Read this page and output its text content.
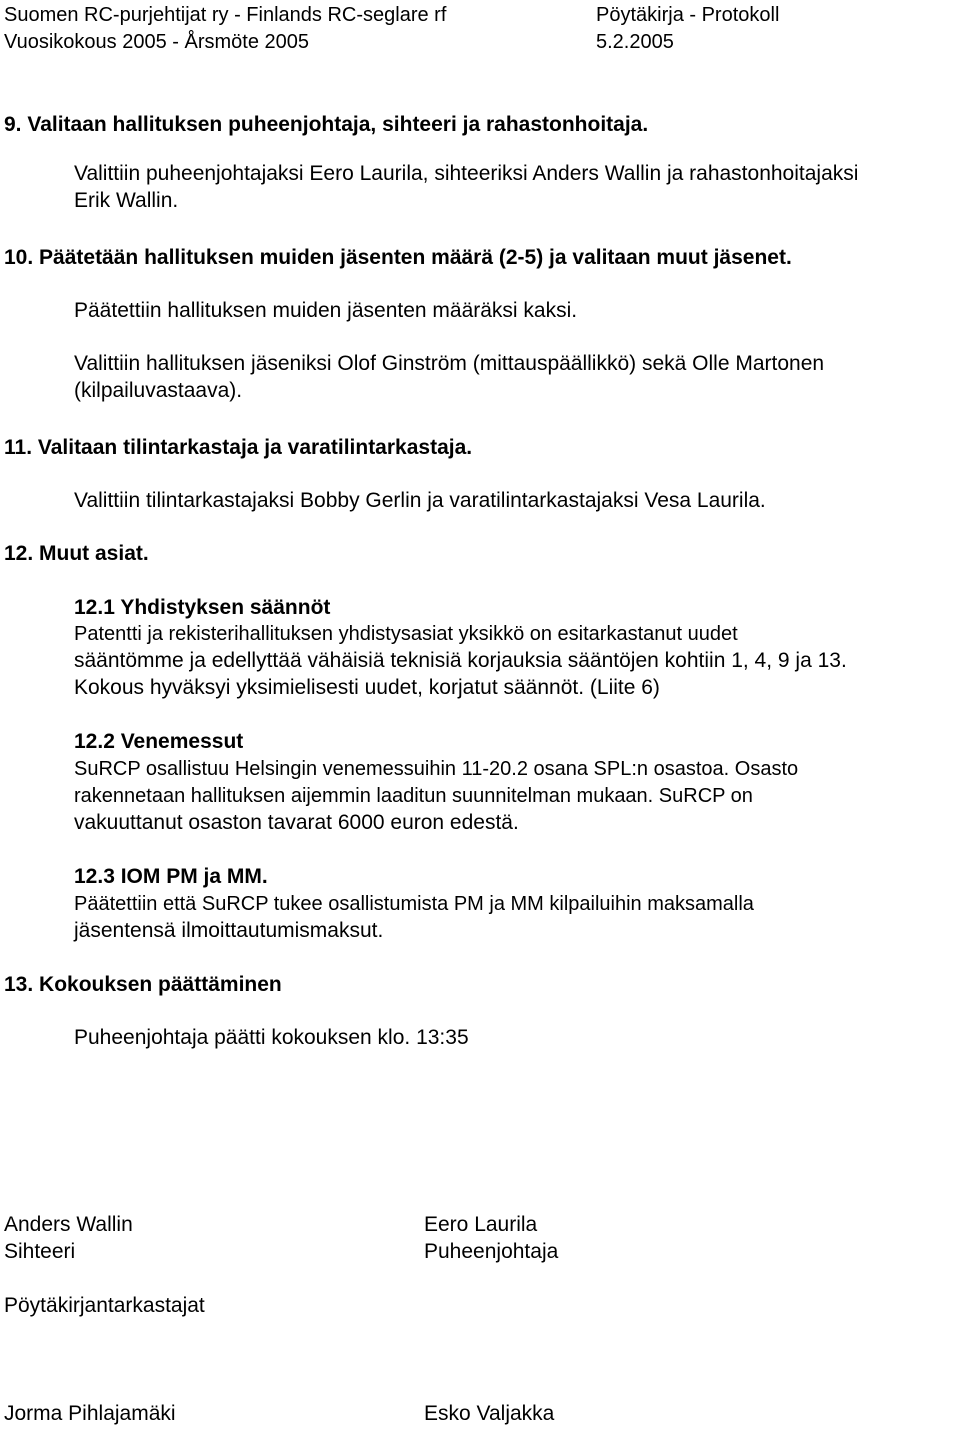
Suomen RC-purjehtijat ry - Finlands RC-seglare rf	Pöytäkirja - Protokoll
Vuosikokous 2005 - Årsmöte 2005	5.2.2005
9. Valitaan hallituksen puheenjohtaja, sihteeri ja rahastonhoitaja.
Valittiin puheenjohtajaksi Eero Laurila, sihteeriksi Anders Wallin ja rahastonhoitajaksi
Erik Wallin.
10. Päätetään hallituksen muiden jäsenten määrä (2-5) ja valitaan muut jäsenet.
Päätettiin hallituksen muiden jäsenten määräksi kaksi.
Valittiin hallituksen jäseniksi Olof Ginström (mittauspäällikkö) sekä Olle Martonen
(kilpailuvastaava).
11. Valitaan tilintarkastaja ja varatilintarkastaja.
Valittiin tilintarkastajaksi Bobby Gerlin ja varatilintarkastajaksi Vesa Laurila.
12. Muut asiat.
12.1 Yhdistyksen säännöt
Patentti ja rekisterihallituksen yhdistysasiat yksikkö on esitarkastanut uudet
sääntömme ja edellyttää vähäisiä teknisiä korjauksia sääntöjen kohtiin 1, 4, 9 ja 13.
Kokous hyväksyi yksimielisesti uudet, korjatut säännöt. (Liite 6)
12.2 Venemessut
SuRCP osallistuu Helsingin venemessuihin 11-20.2 osana SPL:n osastoa. Osasto
rakennetaan hallituksen aijemmin laaditun suunnitelman mukaan. SuRCP on
vakuuttanut osaston tavarat 6000 euron edestä.
12.3 IOM PM ja MM.
Päätettiin että SuRCP tukee osallistumista PM ja MM kilpailuihin maksamalla
jäsentensä ilmoittautumismaksut.
13. Kokouksen päättäminen
Puheenjohtaja päätti kokouksen klo. 13:35
Anders Wallin
Sihteeri
Eero Laurila
Puheenjohtaja
Pöytäkirjantarkastajat
Jorma Pihlajamäki	Esko Valjakka
